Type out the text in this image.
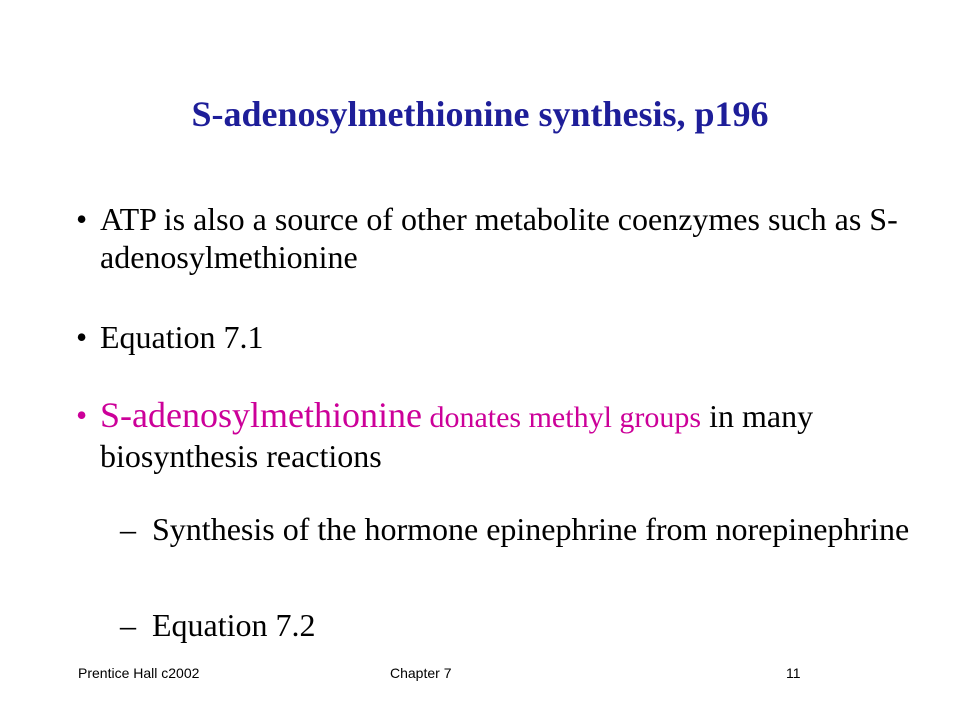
S-adenosylmethionine synthesis, p196
• ATP is also a source of other metabolite coenzymes such as S-adenosylmethionine
• Equation 7.1
• S-adenosylmethionine donates methyl groups in many biosynthesis reactions
– Synthesis of the hormone epinephrine from norepinephrine
– Equation 7.2
Prentice Hall c2002	Chapter 7	11
